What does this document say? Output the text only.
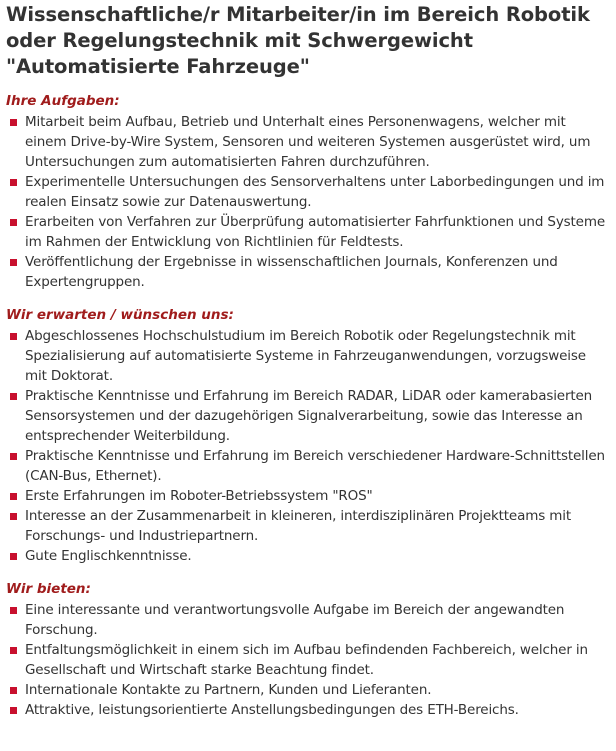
Wissenschaftliche/r Mitarbeiter/in im Bereich Robotik oder Regelungstechnik mit Schwergewicht "Automatisierte Fahrzeuge"
Ihre Aufgaben:
Mitarbeit beim Aufbau, Betrieb und Unterhalt eines Personenwagens, welcher mit einem Drive-by-Wire System, Sensoren und weiteren Systemen ausgerüstet wird, um Untersuchungen zum automatisierten Fahren durchzuführen.
Experimentelle Untersuchungen des Sensorverhaltens unter Laborbedingungen und im realen Einsatz sowie zur Datenauswertung.
Erarbeiten von Verfahren zur Überprüfung automatisierter Fahrfunktionen und Systeme im Rahmen der Entwicklung von Richtlinien für Feldtests.
Veröffentlichung der Ergebnisse in wissenschaftlichen Journals, Konferenzen und Expertengruppen.
Wir erwarten / wünschen uns:
Abgeschlossenes Hochschulstudium im Bereich Robotik oder Regelungstechnik mit Spezialisierung auf automatisierte Systeme in Fahrzeuganwendungen, vorzugsweise mit Doktorat.
Praktische Kenntnisse und Erfahrung im Bereich RADAR, LiDAR oder kamerabasierten Sensorsystemen und der dazugehörigen Signalverarbeitung, sowie das Interesse an entsprechender Weiterbildung.
Praktische Kenntnisse und Erfahrung im Bereich verschiedener Hardware-Schnittstellen (CAN-Bus, Ethernet).
Erste Erfahrungen im Roboter-Betriebssystem "ROS"
Interesse an der Zusammenarbeit in kleineren, interdisziplinären Projektteams mit Forschungs- und Industriepartnern.
Gute Englischkenntnisse.
Wir bieten:
Eine interessante und verantwortungsvolle Aufgabe im Bereich der angewandten Forschung.
Entfaltungsmöglichkeit in einem sich im Aufbau befindenden Fachbereich, welcher in Gesellschaft und Wirtschaft starke Beachtung findet.
Internationale Kontakte zu Partnern, Kunden und Lieferanten.
Attraktive, leistungsorientierte Anstellungsbedingungen des ETH-Bereichs.
